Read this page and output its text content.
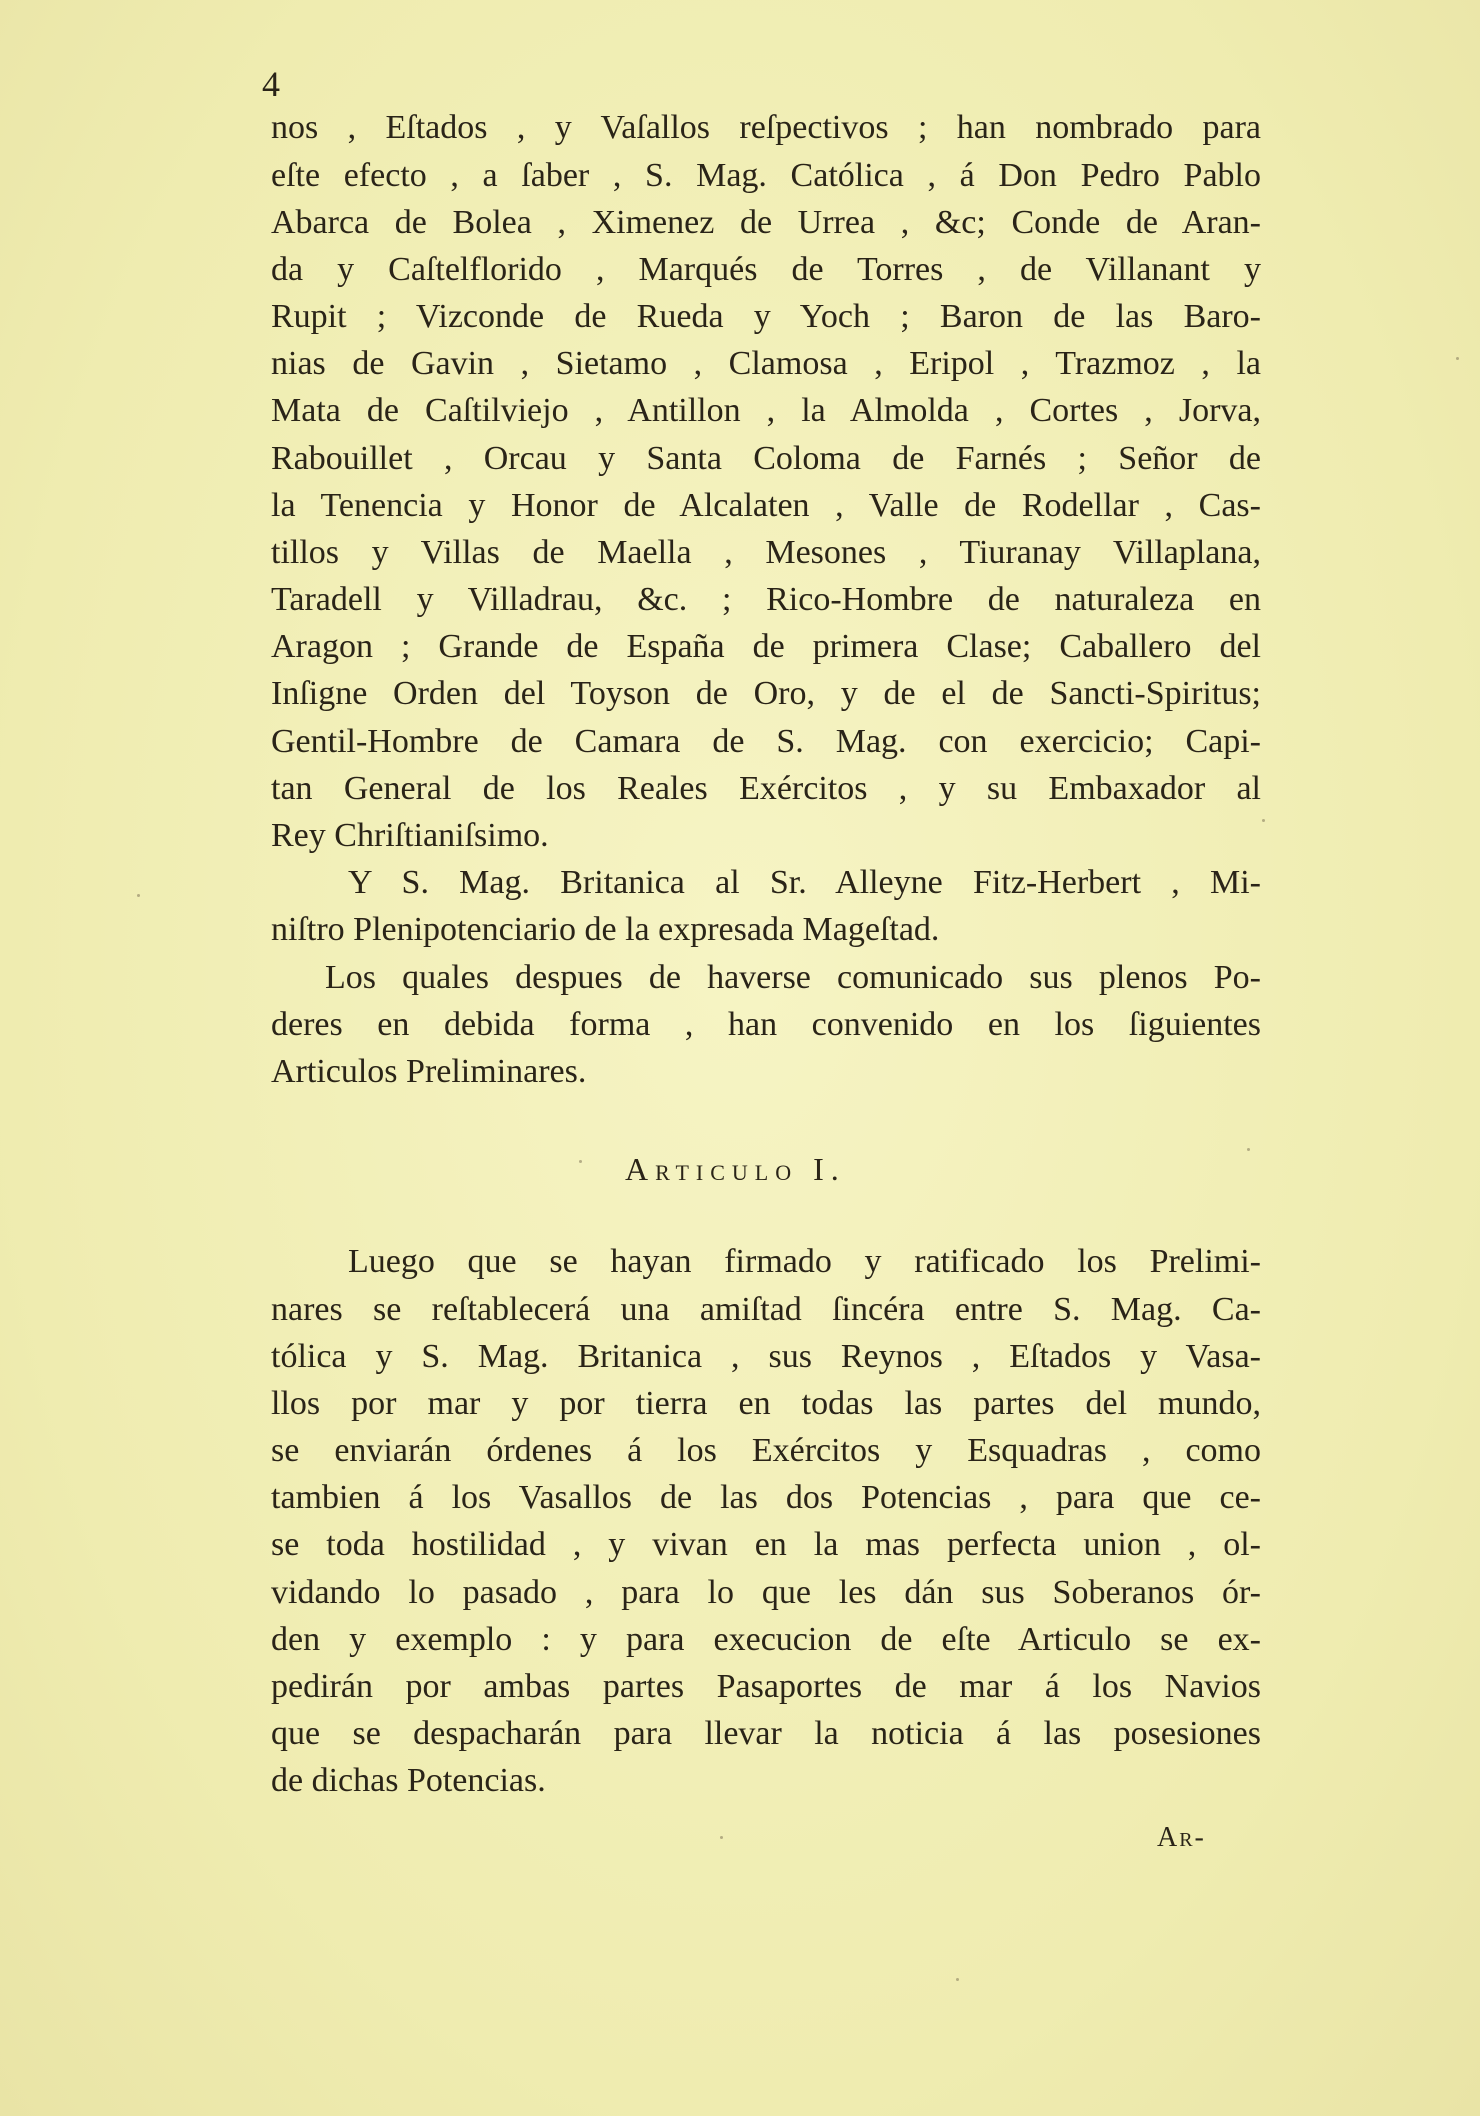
4
nos , Eſtados , y Vaſallos reſpectivos ; han nombrado para
eſte efecto , a ſaber , S. Mag. Católica , á Don Pedro Pablo
Abarca de Bolea , Ximenez de Urrea , &c; Conde de Aran-
da y Caſtelflorido , Marqués de Torres , de Villanant y
Rupit ; Vizconde de Rueda y Yoch ; Baron de las Baro-
nias de Gavin , Sietamo , Clamosa , Eripol , Trazmoz , la
Mata de Caſtilviejo , Antillon , la Almolda , Cortes , Jorva,
Rabouillet , Orcau y Santa Coloma de Farnés ; Señor de
la Tenencia y Honor de Alcalaten , Valle de Rodellar , Cas-
tillos y Villas de Maella , Mesones , Tiuranay Villaplana,
Taradell y Villadrau, &c. ; Rico-Hombre de naturaleza en
Aragon ; Grande de España de primera Clase; Caballero del
Inſigne Orden del Toyson de Oro, y de el de Sancti-Spiritus;
Gentil-Hombre de Camara de S. Mag. con exercicio; Capi-
tan General de los Reales Exércitos , y su Embaxador al
Rey Chriſtianiſsimo.
Y S. Mag. Britanica al Sr. Alleyne Fitz-Herbert , Mi-
niſtro Plenipotenciario de la expresada Mageſtad.
Los quales despues de haverse comunicado sus plenos Po-
deres en debida forma , han convenido en los ſiguientes
Articulos Preliminares.
Articulo I.
Luego que se hayan firmado y ratificado los Prelimi-
nares se reſtablecerá una amiſtad ſincéra entre S. Mag. Ca-
tólica y S. Mag. Britanica , sus Reynos , Eſtados y Vasa-
llos por mar y por tierra en todas las partes del mundo,
se enviarán órdenes á los Exércitos y Esquadras , como
tambien á los Vasallos de las dos Potencias , para que ce-
se toda hostilidad , y vivan en la mas perfecta union , ol-
vidando lo pasado , para lo que les dán sus Soberanos ór-
den y exemplo : y para execucion de eſte Articulo se ex-
pedirán por ambas partes Pasaportes de mar á los Navios
que se despacharán para llevar la noticia á las posesiones
de dichas Potencias.
Ar-
